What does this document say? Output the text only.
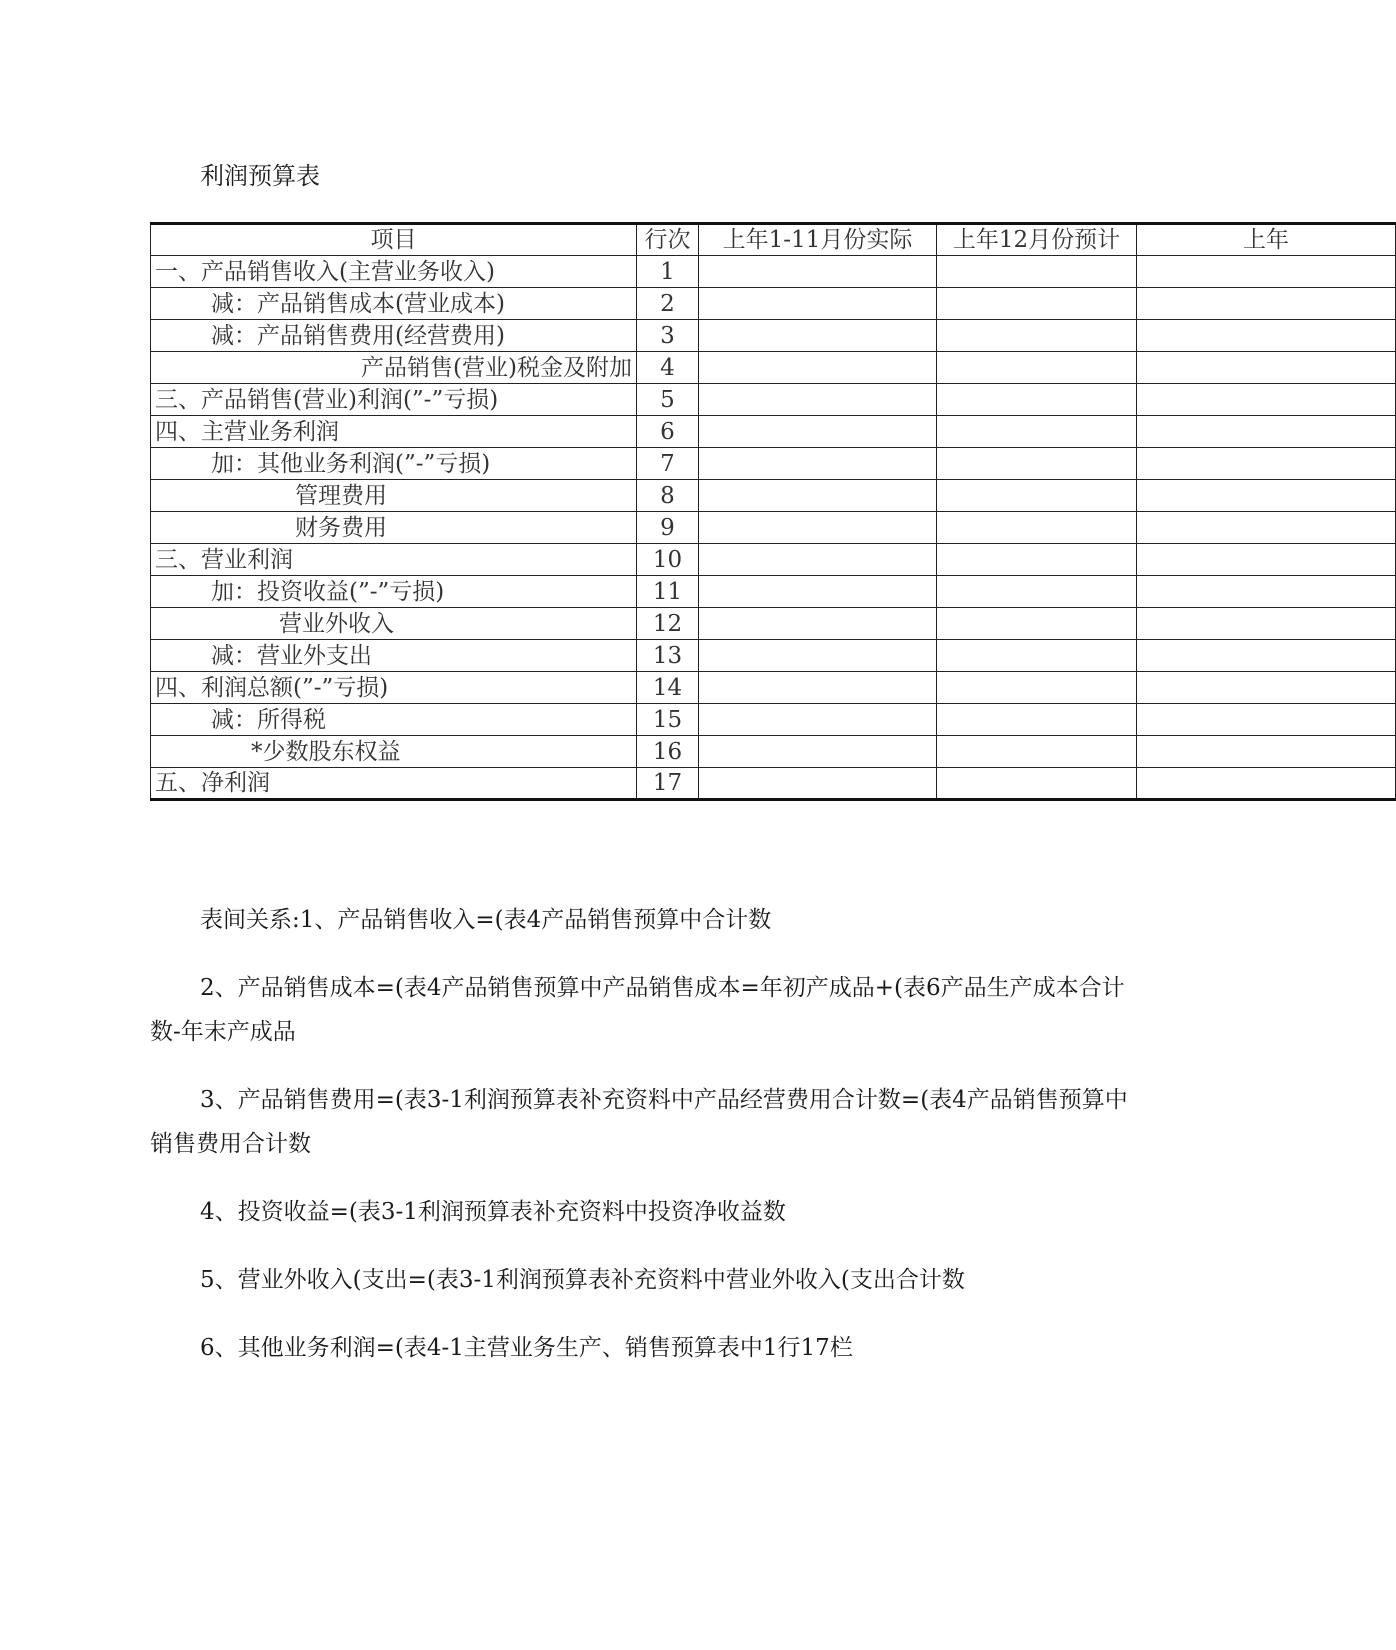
利润预算表
项目	行次	上年1-11月份实际	上年12月份预计	上年
一、产品销售收入(主营业务收入)	1			
减：产品销售成本(营业成本)	2			
减：产品销售费用(经营费用)	3			
产品销售(营业)税金及附加	4			
三、产品销售(营业)利润(”-”亏损)	5			
四、主营业务利润	6			
加：其他业务利润(”-”亏损)	7			
管理费用	8			
财务费用	9			
三、营业利润	10			
加：投资收益(”-”亏损)	11			
营业外收入	12			
减：营业外支出	13			
四、利润总额(”-”亏损)	14			
减：所得税	15			
*少数股东权益	16			
五、净利润	17			

表间关系:1、产品销售收入=(表4产品销售预算中合计数

2、产品销售成本=(表4产品销售预算中产品销售成本=年初产成品+(表6产品生产成本合计数-年末产成品

3、产品销售费用=(表3-1利润预算表补充资料中产品经营费用合计数=(表4产品销售预算中销售费用合计数

4、投资收益=(表3-1利润预算表补充资料中投资净收益数

5、营业外收入(支出=(表3-1利润预算表补充资料中营业外收入(支出合计数

6、其他业务利润=(表4-1主营业务生产、销售预算表中1行17栏
